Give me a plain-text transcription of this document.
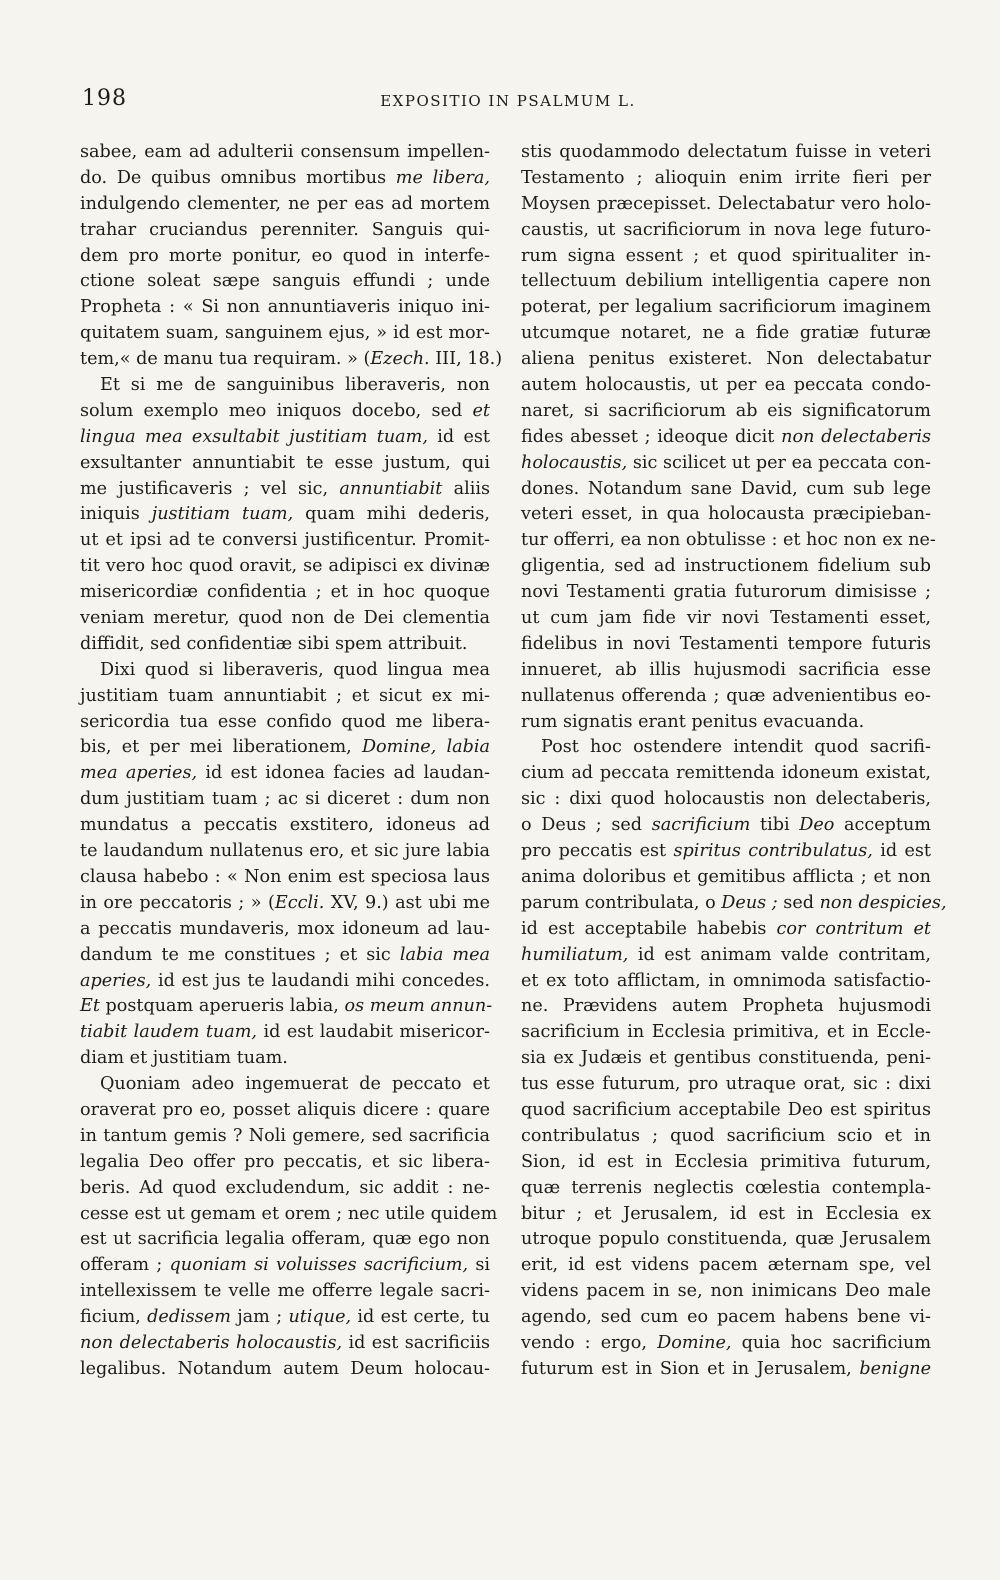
198	EXPOSITIO IN PSALMUM L.
sabee, eam ad adulterii consensum impellen-
do. De quibus omnibus mortibus me libera,
indulgendo clementer, ne per eas ad mortem
trahar cruciandus perenniter. Sanguis qui-
dem pro morte ponitur, eo quod in interfe-
ctione soleat sæpe sanguis effundi ; unde
Propheta : « Si non annuntiaveris iniquo ini-
quitatem suam, sanguinem ejus, » id est mor-
tem,« de manu tua requiram. » (Ezech. III, 18.)
Et si me de sanguinibus liberaveris, non
solum exemplo meo iniquos docebo, sed et
lingua mea exsultabit justitiam tuam, id est
exsultanter annuntiabit te esse justum, qui
me justificaveris ; vel sic, annuntiabit aliis
iniquis justitiam tuam, quam mihi dederis,
ut et ipsi ad te conversi justificentur. Promit-
tit vero hoc quod oravit, se adipisci ex divinæ
misericordiæ confidentia ; et in hoc quoque
veniam meretur, quod non de Dei clementia
diffidit, sed confidentiæ sibi spem attribuit.
Dixi quod si liberaveris, quod lingua mea
justitiam tuam annuntiabit ; et sicut ex mi-
sericordia tua esse confido quod me libera-
bis, et per mei liberationem, Domine, labia
mea aperies, id est idonea facies ad laudan-
dum justitiam tuam ; ac si diceret : dum non
mundatus a peccatis exstitero, idoneus ad
te laudandum nullatenus ero, et sic jure labia
clausa habebo : « Non enim est speciosa laus
in ore peccatoris ; » (Eccli. XV, 9.) ast ubi me
a peccatis mundaveris, mox idoneum ad lau-
dandum te me constitues ; et sic labia mea
aperies, id est jus te laudandi mihi concedes.
Et postquam aperueris labia, os meum annun-
tiabit laudem tuam, id est laudabit misericor-
diam et justitiam tuam.
Quoniam adeo ingemuerat de peccato et
oraverat pro eo, posset aliquis dicere : quare
in tantum gemis ? Noli gemere, sed sacrificia
legalia Deo offer pro peccatis, et sic libera-
beris. Ad quod excludendum, sic addit : ne-
cesse est ut gemam et orem ; nec utile quidem
est ut sacrificia legalia offeram, quæ ego non
offeram ; quoniam si voluisses sacrificium, si
intellexissem te velle me offerre legale sacri-
ficium, dedissem jam ; utique, id est certe, tu
non delectaberis holocaustis, id est sacrificiis
legalibus. Notandum autem Deum holocau-
stis quodammodo delectatum fuisse in veteri
Testamento ; alioquin enim irrite fieri per
Moysen præcepisset. Delectabatur vero holo-
caustis, ut sacrificiorum in nova lege futuro-
rum signa essent ; et quod spiritualiter in-
tellectuum debilium intelligentia capere non
poterat, per legalium sacrificiorum imaginem
utcumque notaret, ne a fide gratiæ futuræ
aliena penitus existeret. Non delectabatur
autem holocaustis, ut per ea peccata condo-
naret, si sacrificiorum ab eis significatorum
fides abesset ; ideoque dicit non delectaberis
holocaustis, sic scilicet ut per ea peccata con-
dones. Notandum sane David, cum sub lege
veteri esset, in qua holocausta præcipieban-
tur offerri, ea non obtulisse : et hoc non ex ne-
gligentia, sed ad instructionem fidelium sub
novi Testamenti gratia futurorum dimisisse ;
ut cum jam fide vir novi Testamenti esset,
fidelibus in novi Testamenti tempore futuris
innueret, ab illis hujusmodi sacrificia esse
nullatenus offerenda ; quæ advenientibus eo-
rum signatis erant penitus evacuanda.
Post hoc ostendere intendit quod sacrifi-
cium ad peccata remittenda idoneum existat,
sic : dixi quod holocaustis non delectaberis,
o Deus ; sed sacrificium tibi Deo acceptum
pro peccatis est spiritus contribulatus, id est
anima doloribus et gemitibus afflicta ; et non
parum contribulata, o Deus ; sed non despicies,
id est acceptabile habebis cor contritum et
humiliatum, id est animam valde contritam,
et ex toto afflictam, in omnimoda satisfactio-
ne. Prævidens autem Propheta hujusmodi
sacrificium in Ecclesia primitiva, et in Eccle-
sia ex Judæis et gentibus constituenda, peni-
tus esse futurum, pro utraque orat, sic : dixi
quod sacrificium acceptabile Deo est spiritus
contribulatus ; quod sacrificium scio et in
Sion, id est in Ecclesia primitiva futurum,
quæ terrenis neglectis cœlestia contempla-
bitur ; et Jerusalem, id est in Ecclesia ex
utroque populo constituenda, quæ Jerusalem
erit, id est videns pacem æternam spe, vel
videns pacem in se, non inimicans Deo male
agendo, sed cum eo pacem habens bene vi-
vendo : ergo, Domine, quia hoc sacrificium
futurum est in Sion et in Jerusalem, benigne
